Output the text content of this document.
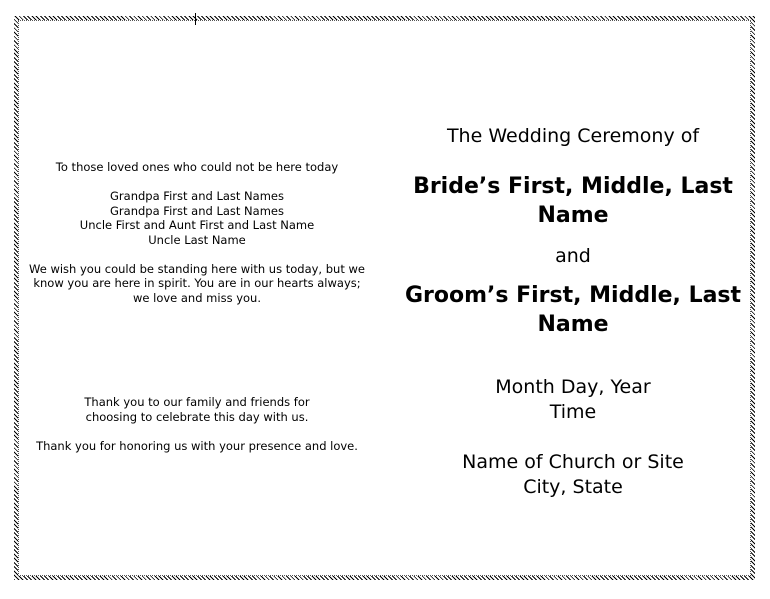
To those loved ones who could not be here today

Grandpa First and Last Names

Grandpa First and Last Names

Uncle First and Aunt First and Last Name

Uncle Last Name

We wish you could be standing here with us today, but we

know you are here in spirit. You are in our hearts always;

we love and miss you.

Thank you to our family and friends for

choosing to celebrate this day with us.

Thank you for honoring us with your presence and love.

The Wedding Ceremony of
Bride’s First, Middle, Last
Name
and
Groom’s First, Middle, Last
Name
Month Day, Year
Time
Name of Church or Site
City, State
